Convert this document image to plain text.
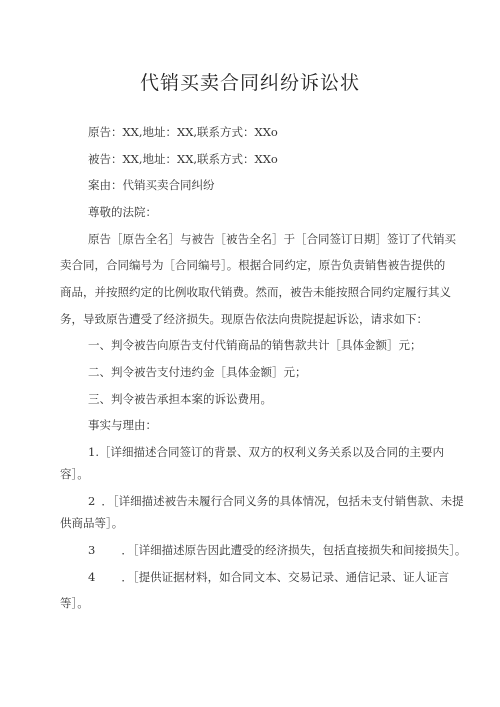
代销买卖合同纠纷诉讼状
原告：XX,地址：XX,联系方式：XXo
被告：XX,地址：XX,联系方式：XXo
案由：代销买卖合同纠纷
尊敬的法院：
原告［原告全名］与被告［被告全名］于［合同签订日期］签订了代销买
卖合同，合同编号为［合同编号］。根据合同约定，原告负责销售被告提供的
商品，并按照约定的比例收取代销费。然而，被告未能按照合同约定履行其义
务，导致原告遭受了经济损失。现原告依法向贵院提起诉讼，请求如下：
一、判令被告向原告支付代销商品的销售款共计［具体金额］元；
二、判令被告支付违约金［具体金额］元；
三、判令被告承担本案的诉讼费用。
事实与理由：
1.［详细描述合同签订的背景、双方的权利义务关系以及合同的主要内
容］。
2 ．［详细描述被告未履行合同义务的具体情况，包括未支付销售款、未提
供商品等］。
3 ．［详细描述原告因此遭受的经济损失，包括直接损失和间接损失］。
4 ．［提供证据材料，如合同文本、交易记录、通信记录、证人证言
等］。
